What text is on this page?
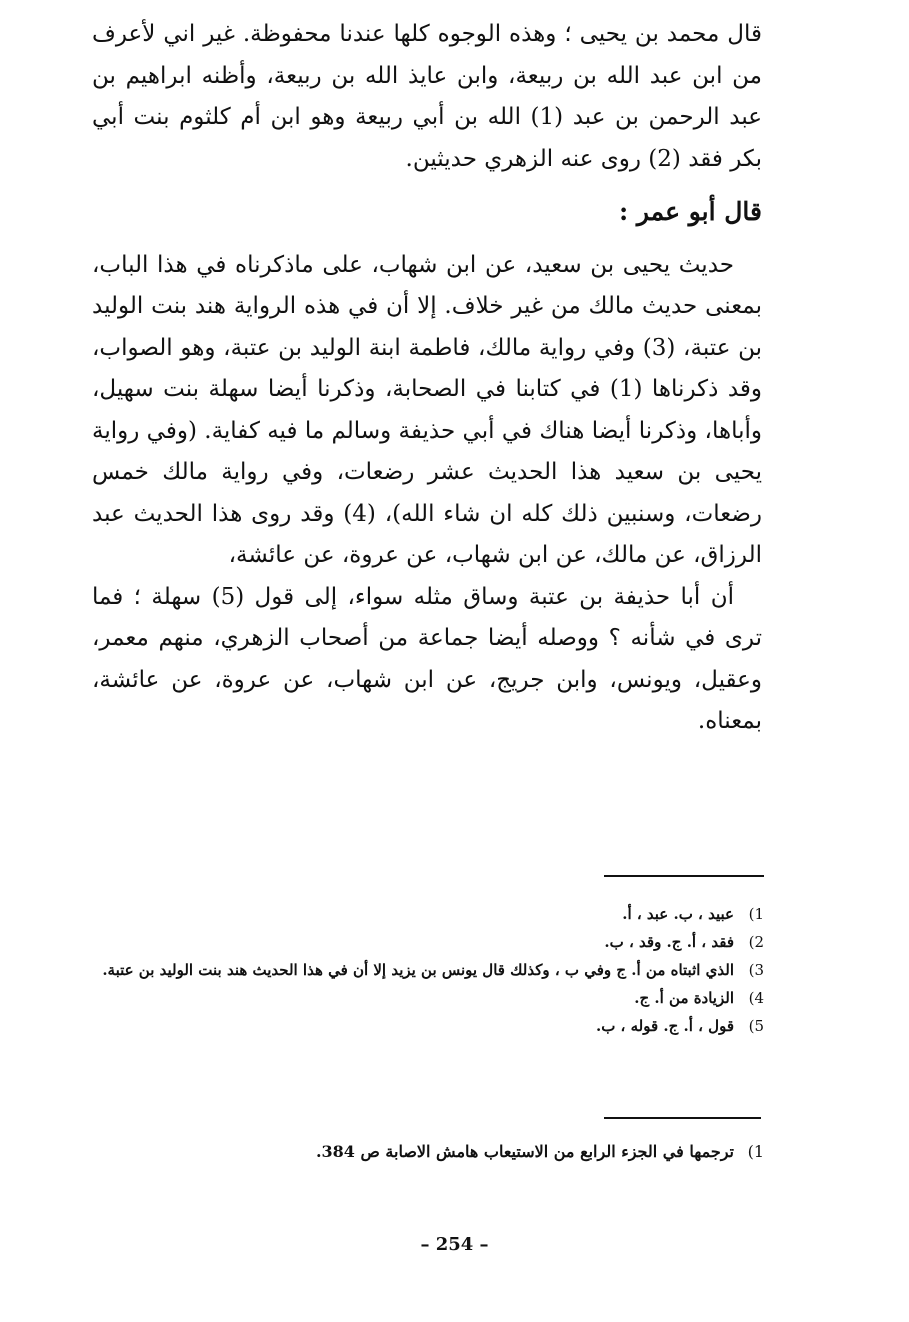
قال محمد بن يحيى ؛ وهذه الوجوه كلها عندنا محفوظة. غير اني لأعرف من ابن عبد الله بن ربيعة، وابن عايذ الله بن ربيعة، وأظنه ابراهيم بن عبد الرحمن بن عبد (1) الله بن أبي ربيعة وهو ابن أم كلثوم بنت أبي بكر فقد (2) روى عنه الزهري حديثين.

قال أبو عمر :

حديث يحيى بن سعيد، عن ابن شهاب، على ماذكرناه في هذا الباب، بمعنى حديث مالك من غير خلاف. إلا أن في هذه الرواية هند بنت الوليد بن عتبة، (3) وفي رواية مالك، فاطمة ابنة الوليد بن عتبة، وهو الصواب، وقد ذكرناها (1) في كتابنا في الصحابة، وذكرنا أيضا سهلة بنت سهيل، وأباها، وذكرنا أيضا هناك في أبي حذيفة وسالم ما فيه كفاية. (وفي رواية يحيى بن سعيد هذا الحديث عشر رضعات، وفي رواية مالك خمس رضعات، وسنبين ذلك كله ان شاء الله)، (4) وقد روى هذا الحديث عبد الرزاق، عن مالك، عن ابن شهاب، عن عروة، عن عائشة،

أن أبا حذيفة بن عتبة وساق مثله سواء، إلى قول (5) سهلة ؛ فما ترى في شأنه ؟ ووصله أيضا جماعة من أصحاب الزهري، منهم معمر، وعقيل، ويونس، وابن جريج، عن ابن شهاب، عن عروة، عن عائشة، بمعناه.

1)
عبيد ، ب. عبد ، أ.
2)
فقد ، أ. ج. وقد ، ب.
3)
الذي اثبتاه من أ. ج وفي ب ، وكذلك قال يونس بن يزيد إلا أن في هذا الحديث هند بنت الوليد بن عتبة.
4)
الزيادة من أ. ج.
5)
قول ، أ. ج. قوله ، ب.
1)
ترجمها في الجزء الرابع من الاستيعاب هامش الاصابة ص 384.
– 254 –
